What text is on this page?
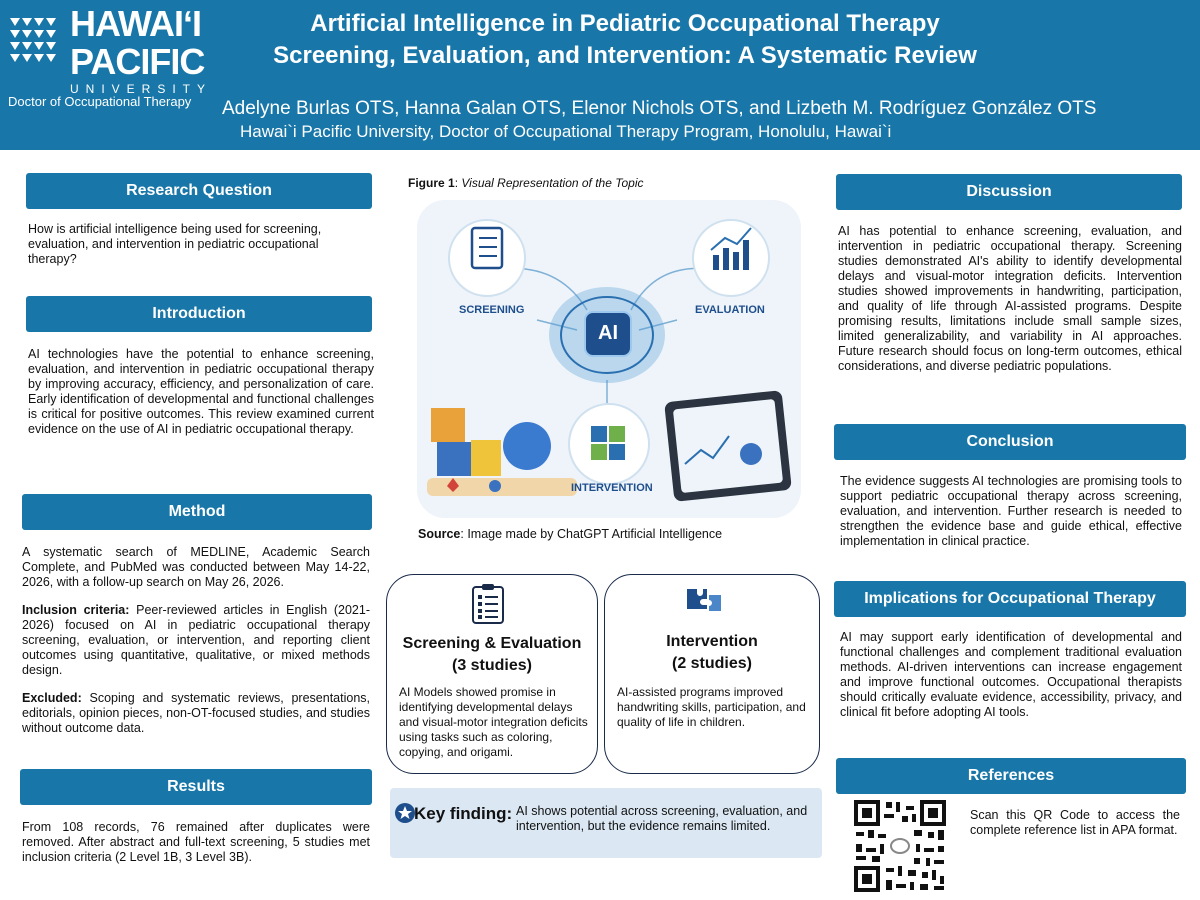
HAWAIʻI
PACIFIC
UNIVERSITY
Doctor of Occupational Therapy
Artificial Intelligence in Pediatric Occupational Therapy
Screening, Evaluation, and Intervention: A Systematic Review
Adelyne Burlas OTS, Hanna Galan OTS, Elenor Nichols OTS, and Lizbeth M. Rodríguez González OTS
Hawai`i Pacific University, Doctor of Occupational Therapy Program, Honolulu, Hawai`i
Research Question
How is artificial intelligence being used for screening, evaluation, and intervention in pediatric occupational therapy?
Introduction
AI technologies have the potential to enhance screening, evaluation, and intervention in pediatric occupational therapy by improving accuracy, efficiency, and personalization of care. Early identification of developmental and functional challenges is critical for positive outcomes. This review examined current evidence on the use of AI in pediatric occupational therapy.
Method

A systematic search of MEDLINE, Academic Search Complete, and PubMed was conducted between May 14-22, 2026, with a follow-up search on May 26, 2026.

Inclusion criteria: Peer-reviewed articles in English (2021-2026) focused on AI in pediatric occupational therapy screening, evaluation, or intervention, and reporting client outcomes using quantitative, qualitative, or mixed methods design.

Excluded: Scoping and systematic reviews, presentations, editorials, opinion pieces, non-OT-focused studies, and studies without outcome data.

Results
From 108 records, 76 remained after duplicates were removed. After abstract and full-text screening, 5 studies met inclusion criteria (2 Level 1B, 3 Level 3B).
Figure 1: Visual Representation of the Topic
SCREENING	EVALUATION
INTERVENTION
AI
Source: Image made by ChatGPT Artificial Intelligence
Screening & Evaluation
(3 studies)
AI Models showed promise in identifying developmental delays and visual-motor integration deficits using tasks such as coloring, copying, and origami.
Intervention
(2 studies)
AI-assisted programs improved handwriting skills, participation, and quality of life in children.
Key finding: AI shows potential across screening, evaluation, and intervention, but the evidence remains limited.
Discussion
AI has potential to enhance screening, evaluation, and intervention in pediatric occupational therapy. Screening studies demonstrated AI's ability to identify developmental delays and visual-motor integration deficits. Intervention studies showed improvements in handwriting, participation, and quality of life through AI-assisted programs. Despite promising results, limitations include small sample sizes, limited generalizability, and variability in AI approaches. Future research should focus on long-term outcomes, ethical considerations, and diverse pediatric populations.
Conclusion
The evidence suggests AI technologies are promising tools to support pediatric occupational therapy across screening, evaluation, and intervention. Further research is needed to strengthen the evidence base and guide ethical, effective implementation in clinical practice.
Implications for Occupational Therapy
AI may support early identification of developmental and functional challenges and complement traditional evaluation methods. AI-driven interventions can increase engagement and improve functional outcomes. Occupational therapists should critically evaluate evidence, accessibility, privacy, and clinical fit before adopting AI tools.
References
Scan this QR Code to access the complete reference list in APA format.
